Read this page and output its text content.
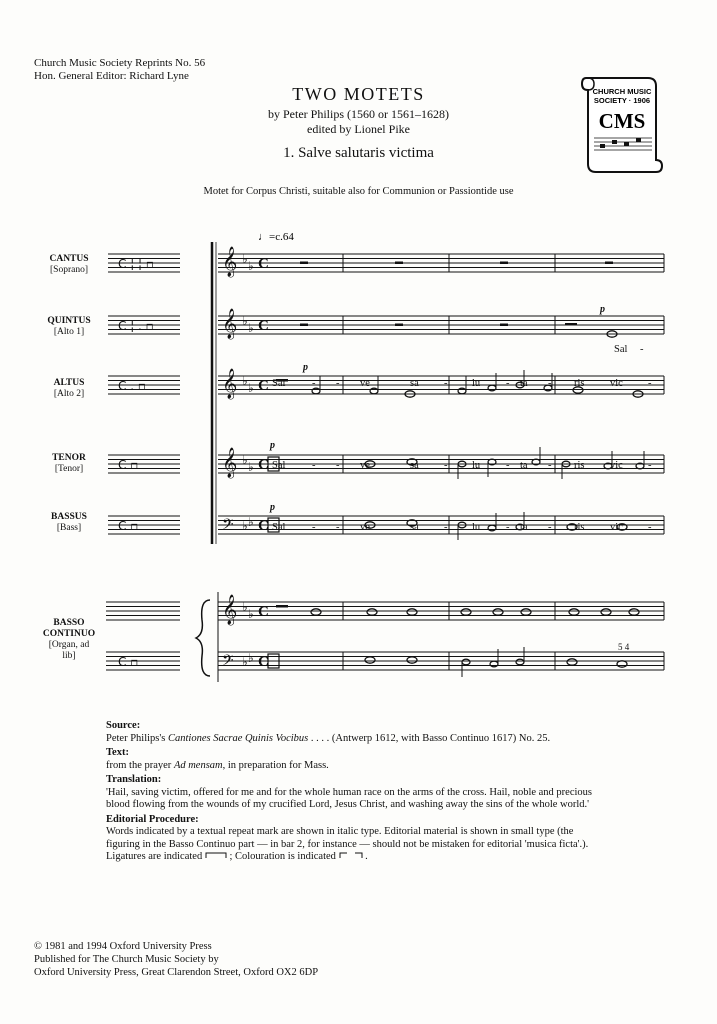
Church Music Society Reprints No. 56
Hon. General Editor: Richard Lyne
TWO MOTETS
by Peter Philips (1560 or 1561–1628)
edited by Lionel Pike
1. Salve salutaris victima
Motet for Corpus Christi, suitable also for Communion or Passiontide use
CHURCH MUSIC
SOCIETY · 1906
CMS
CANTUS
[Soprano]
QUINTUS
[Alto 1]
ALTUS
[Alto 2]
TENOR
[Tenor]
BASSUS
[Bass]
BASSO
CONTINUO
[Organ, ad
lib]
𝄞 ♭ ♭ C
𝄞 ♭ ♭ C
𝄞 ♭ ♭ C
𝄞 ♭ ♭ C
𝄢 ♭ ♭ C
𝄞 ♭ ♭ C
𝄢 ♭ ♭ C
C ¦ ¦ ▫
C ¦ . ▫
C . ▫
C ▫
C ▫
C ▫
p
p
p
p
5 4
♩=c.64
Sal -
Sal	- - ve	sa - lu - ta - ris vic -
Sal	- - ve	sa - lu - ta - ris vic -
Sal	- - ve	sa - lu - ta - ris vic -
Source:
Peter Philips's Cantiones Sacrae Quinis Vocibus . . . . (Antwerp 1612, with Basso Continuo 1617) No. 25.
Text:
from the prayer Ad mensam, in preparation for Mass.
Translation:
'Hail, saving victim, offered for me and for the whole human race on the arms of the cross. Hail, noble and precious blood flowing from the wounds of my crucified Lord, Jesus Christ, and washing away the sins of the whole world.'
Editorial Procedure:
Words indicated by a textual repeat mark are shown in italic type. Editorial material is shown in small type (the figuring in the Basso Continuo part — in bar 2, for instance — should not be mistaken for editorial 'musica ficta'.). Ligatures are indicated	; Colouration is indicated	.
© 1981 and 1994 Oxford University Press
Published for The Church Music Society by
Oxford University Press, Great Clarendon Street, Oxford OX2 6DP
